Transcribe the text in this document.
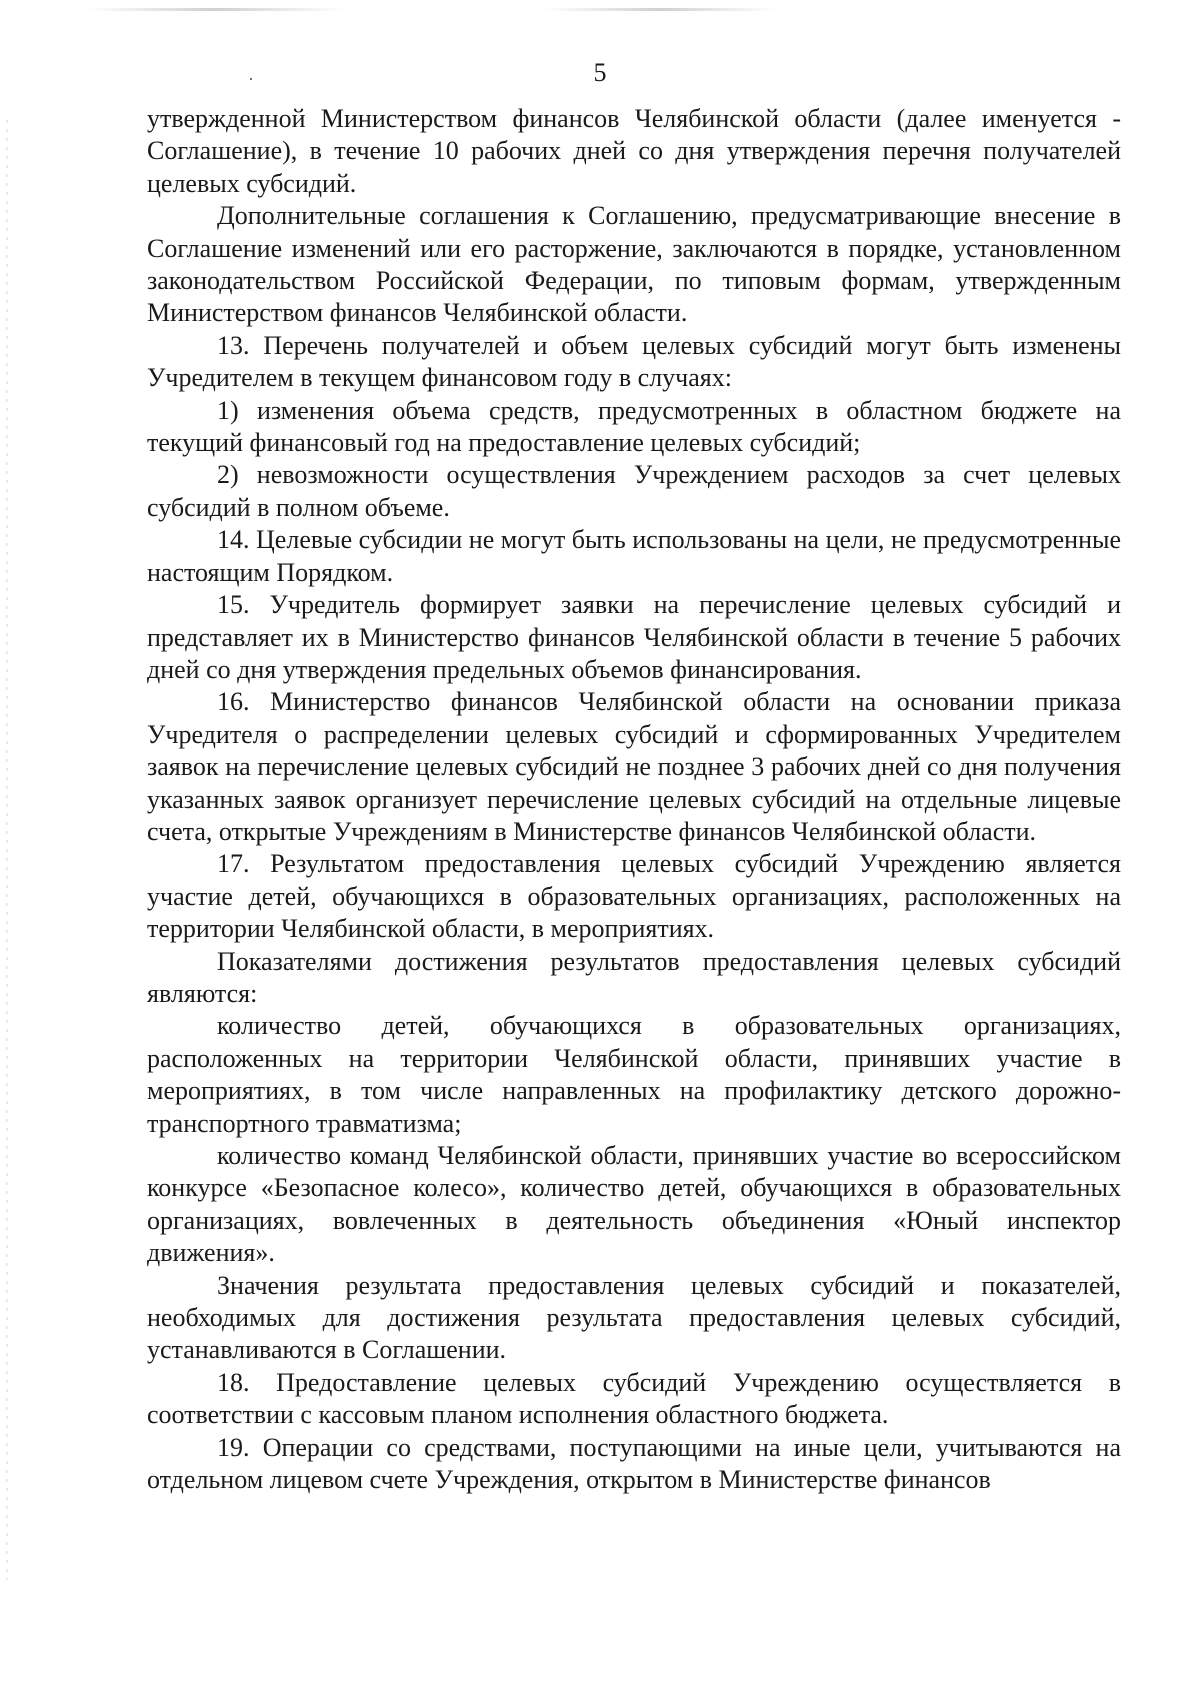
5

утвержденной Министерством финансов Челябинской области (далее именуется - Соглашение), в течение 10 рабочих дней со дня утверждения перечня получателей целевых субсидий.

Дополнительные соглашения к Соглашению, предусматривающие внесение в Соглашение изменений или его расторжение, заключаются в порядке, установленном законодательством Российской Федерации, по типовым формам, утвержденным Министерством финансов Челябинской области.

13. Перечень получателей и объем целевых субсидий могут быть изменены Учредителем в текущем финансовом году в случаях:

1) изменения объема средств, предусмотренных в областном бюджете на текущий финансовый год на предоставление целевых субсидий;

2) невозможности осуществления Учреждением расходов за счет целевых субсидий в полном объеме.

14. Целевые субсидии не могут быть использованы на цели, не предусмотренные настоящим Порядком.

15. Учредитель формирует заявки на перечисление целевых субсидий и представляет их в Министерство финансов Челябинской области в течение 5 рабочих дней со дня утверждения предельных объемов финансирования.

16. Министерство финансов Челябинской области на основании приказа Учредителя о распределении целевых субсидий и сформированных Учредителем заявок на перечисление целевых субсидий не позднее 3 рабочих дней со дня получения указанных заявок организует перечисление целевых субсидий на отдельные лицевые счета, открытые Учреждениям в Министерстве финансов Челябинской области.

17. Результатом предоставления целевых субсидий Учреждению является участие детей, обучающихся в образовательных организациях, расположенных на территории Челябинской области, в мероприятиях.

Показателями достижения результатов предоставления целевых субсидий являются:

количество детей, обучающихся в образовательных организациях, расположенных на территории Челябинской области, принявших участие в мероприятиях, в том числе направленных на профилактику детского дорожно-транспортного травматизма;

количество команд Челябинской области, принявших участие во всероссийском конкурсе «Безопасное колесо», количество детей, обучающихся в образовательных организациях, вовлеченных в деятельность объединения «Юный инспектор движения».

Значения результата предоставления целевых субсидий и показателей, необходимых для достижения результата предоставления целевых субсидий, устанавливаются в Соглашении.

18. Предоставление целевых субсидий Учреждению осуществляется в соответствии с кассовым планом исполнения областного бюджета.

19. Операции со средствами, поступающими на иные цели, учитываются на отдельном лицевом счете Учреждения, открытом в Министерстве финансов
